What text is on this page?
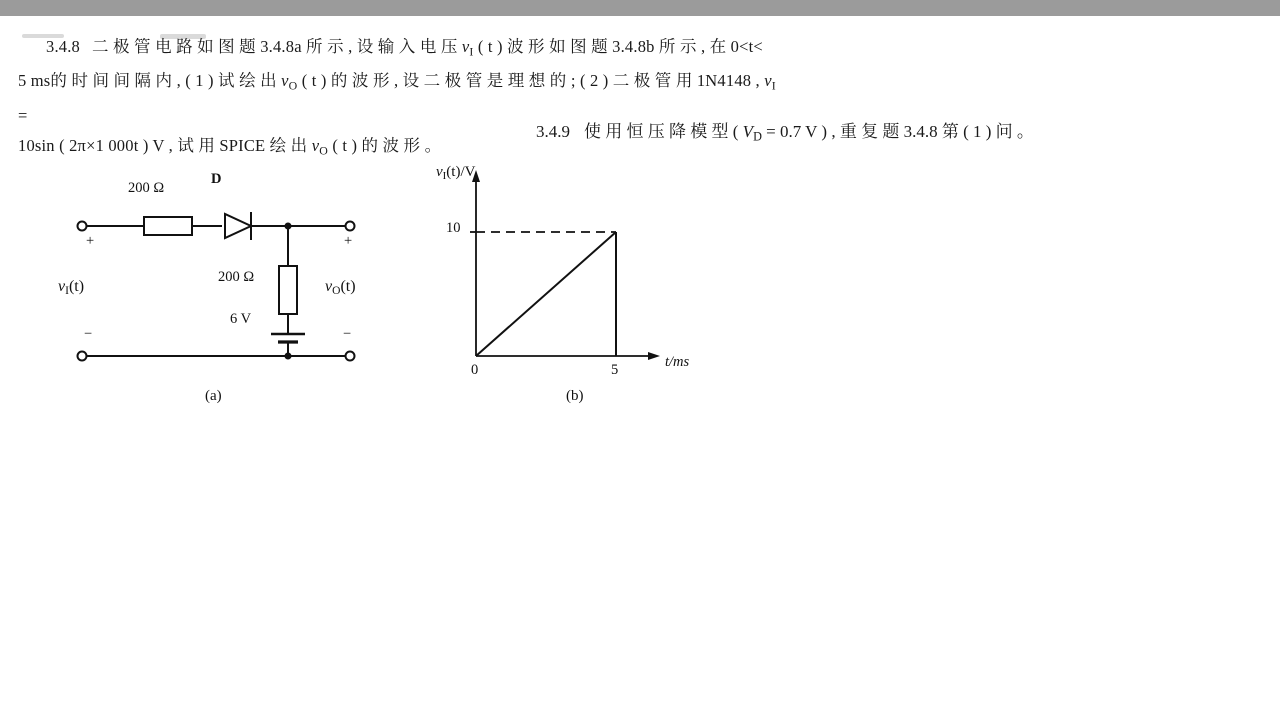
3.4.8 二 极 管 电 路 如 图 题 3.4.8a 所 示 , 设 输 入 电 压 $v_I$ ( t ) 波 形 如 图 题 3.4.8b 所 示 , 在 0<t<
5 ms的 时 间 间 隔 内 , ( 1 ) 试 绘 出 $v_O$ ( t ) 的 波 形 , 设 二 极 管 是 理 想 的 ; ( 2 ) 二 极 管 用 1N4148 , $v_I$ =
10sin ( 2π×1 000t ) V , 试 用 SPICE 绘 出 $v_O$ ( t ) 的 波 形 。
3.4.9 使 用 恒 压 降 模 型 ( $V_D = 0.7$ V ) , 重 复 题 3.4.8 第 ( 1 ) 问 。
200 Ω
D
200 Ω
6 V
+	+
−	−
$v_I(t)$	$v_O(t)$
(a)
$v_I(t)/V$
t/ms
10
0	5
(b)
